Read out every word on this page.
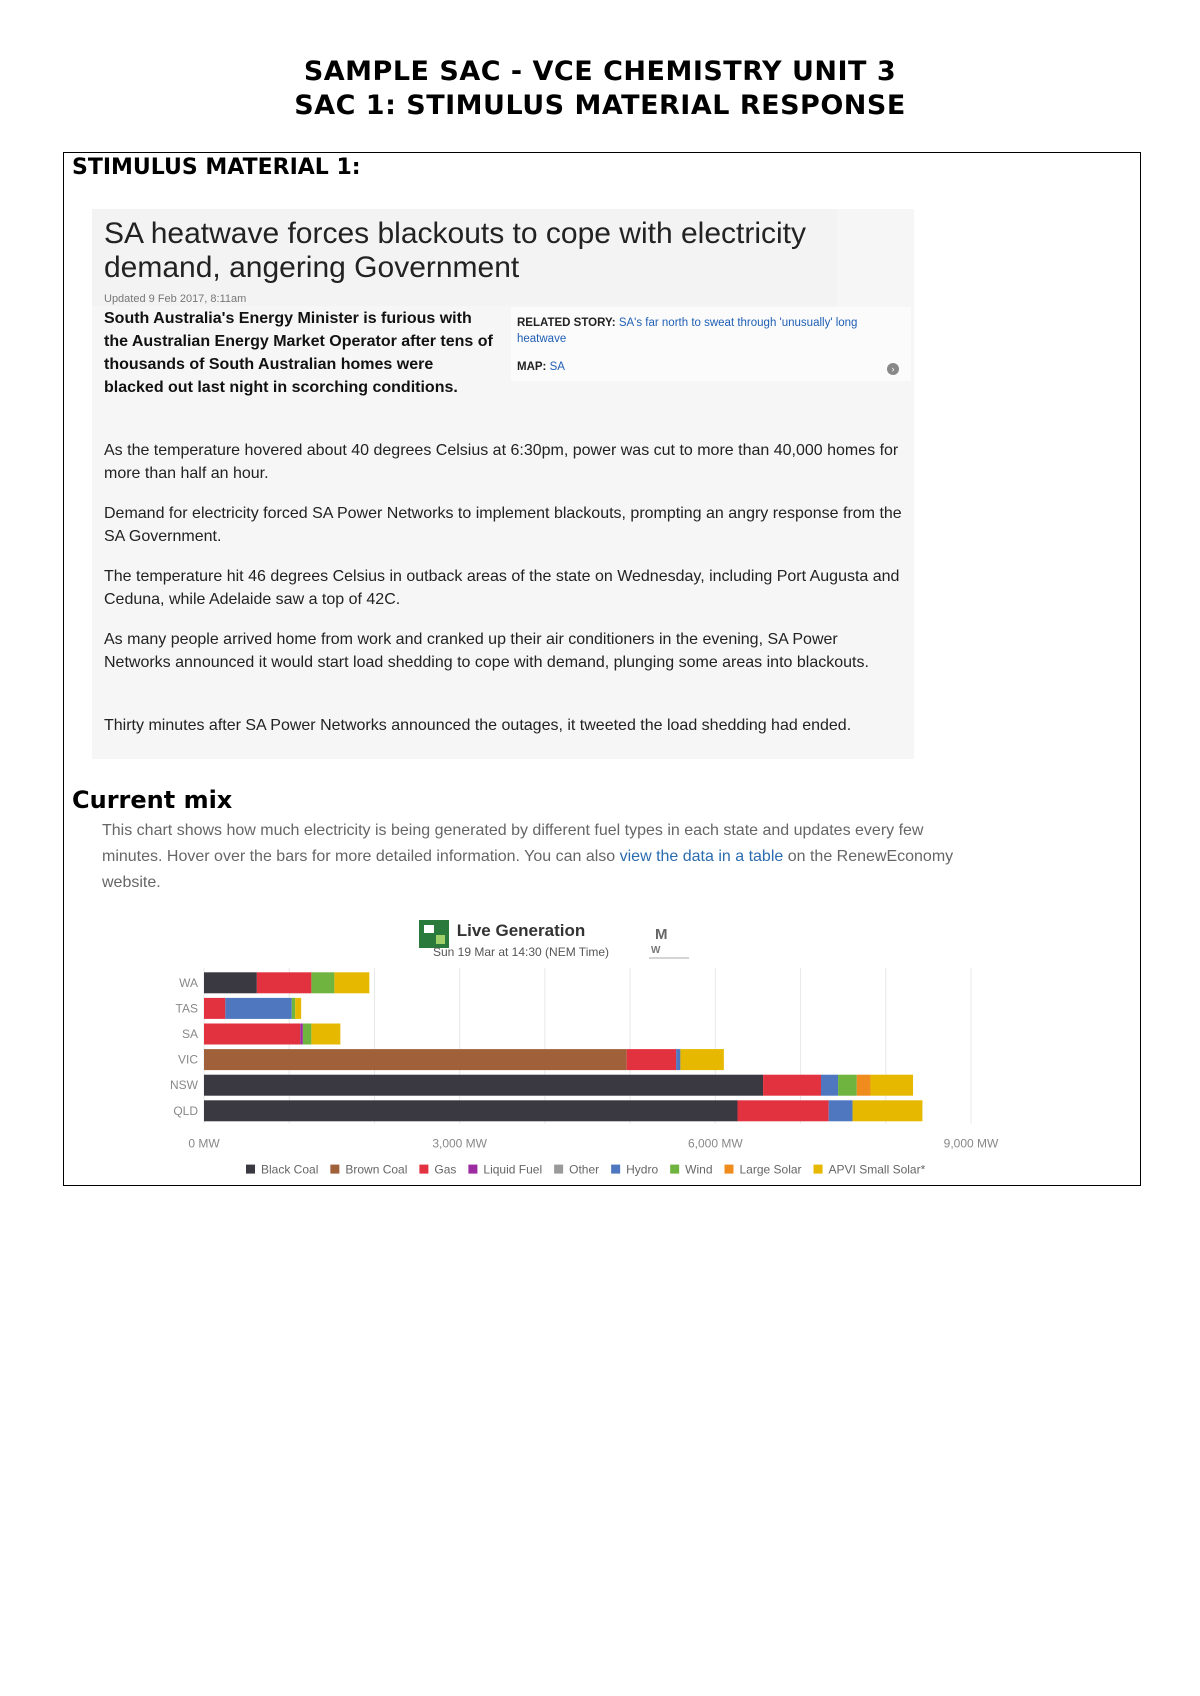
SAMPLE SAC - VCE CHEMISTRY UNIT 3
SAC 1: STIMULUS MATERIAL RESPONSE
STIMULUS MATERIAL 1:
SA heatwave forces blackouts to cope with electricity demand, angering Government
Updated 9 Feb 2017, 8:11am
South Australia's Energy Minister is furious with the Australian Energy Market Operator after tens of thousands of South Australian homes were blacked out last night in scorching conditions.
RELATED STORY: SA's far north to sweat through 'unusually' long heatwave
MAP: SA	›
As the temperature hovered about 40 degrees Celsius at 6:30pm, power was cut to more than 40,000 homes for more than half an hour.
Demand for electricity forced SA Power Networks to implement blackouts, prompting an angry response from the SA Government.
The temperature hit 46 degrees Celsius in outback areas of the state on Wednesday, including Port Augusta and Ceduna, while Adelaide saw a top of 42C.
As many people arrived home from work and cranked up their air conditioners in the evening, SA Power Networks announced it would start load shedding to cope with demand, plunging some areas into blackouts.
Thirty minutes after SA Power Networks announced the outages, it tweeted the load shedding had ended.
Current mix
This chart shows how much electricity is being generated by different fuel types in each state and updates every few minutes. Hover over the bars for more detailed information. You can also view the data in a table on the RenewEconomy website.
Live Generation
Sun 19 Mar at 14:30 (NEM Time)
M
W
WA
TAS
SA
VIC
NSW
QLD
0 MW	3,000 MW	6,000 MW	9,000 MW
Black Coal Brown Coal Gas Liquid Fuel Other Hydro Wind Large Solar APVI Small Solar*
